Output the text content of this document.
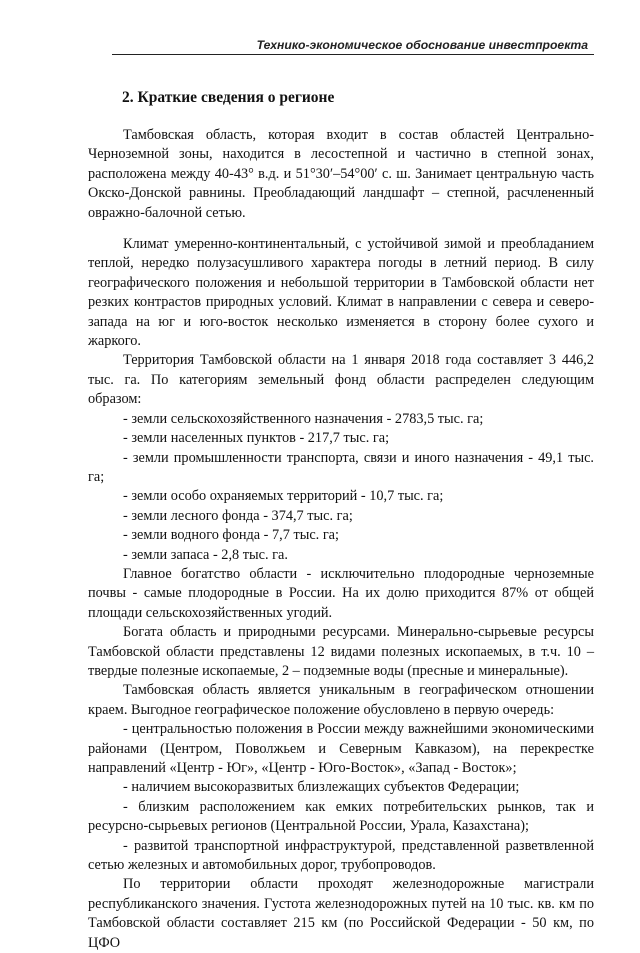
Технико-экономическое обоснование инвестпроекта
2. Краткие сведения о регионе

Тамбовская область, которая входит в состав областей Центрально-Черноземной зоны, находится в лесостепной и частично в степной зонах, расположена между 40-43° в.д. и 51°30′–54°00′ с. ш. Занимает центральную часть Окско-Донской равнины. Преобладающий ландшафт – степной, расчлененный овражно-балочной сетью.

Климат умеренно-континентальный, с устойчивой зимой и преобладанием теплой, нередко полузасушливого характера погоды в летний период. В силу географического положения и небольшой территории в Тамбовской области нет резких контрастов природных условий. Климат в направлении с севера и северо-запада на юг и юго-восток несколько изменяется в сторону более сухого и жаркого.

Территория Тамбовской области на 1 января 2018 года составляет 3 446,2 тыс. га. По категориям земельный фонд области распределен следующим образом:

- земли сельскохозяйственного назначения - 2783,5 тыс. га;

- земли населенных пунктов - 217,7 тыс. га;

- земли промышленности транспорта, связи и иного назначения - 49,1 тыс. га;

- земли особо охраняемых территорий - 10,7 тыс. га;

- земли лесного фонда - 374,7 тыс. га;

- земли водного фонда - 7,7 тыс. га;

- земли запаса - 2,8 тыс. га.

Главное богатство области - исключительно плодородные черноземные почвы - самые плодородные в России. На их долю приходится 87% от общей площади сельскохозяйственных угодий.

Богата область и природными ресурсами. Минерально-сырьевые ресурсы Тамбовской области представлены 12 видами полезных ископаемых, в т.ч. 10 – твердые полезные ископаемые, 2 – подземные воды (пресные и минеральные).

Тамбовская область является уникальным в географическом отношении краем. Выгодное географическое положение обусловлено в первую очередь:

- центральностью положения в России между важнейшими экономическими районами (Центром, Поволжьем и Северным Кавказом), на перекрестке направлений «Центр - Юг», «Центр - Юго-Восток», «Запад - Восток»;

- наличием высокоразвитых близлежащих субъектов Федерации;

- близким расположением как емких потребительских рынков, так и ресурсно-сырьевых регионов (Центральной России, Урала, Казахстана);

- развитой транспортной инфраструктурой, представленной разветвленной сетью железных и автомобильных дорог, трубопроводов.

По территории области проходят железнодорожные магистрали республиканского значения. Густота железнодорожных путей на 10 тыс. кв. км по Тамбовской области составляет 215 км (по Российской Федерации - 50 км, по ЦФО
